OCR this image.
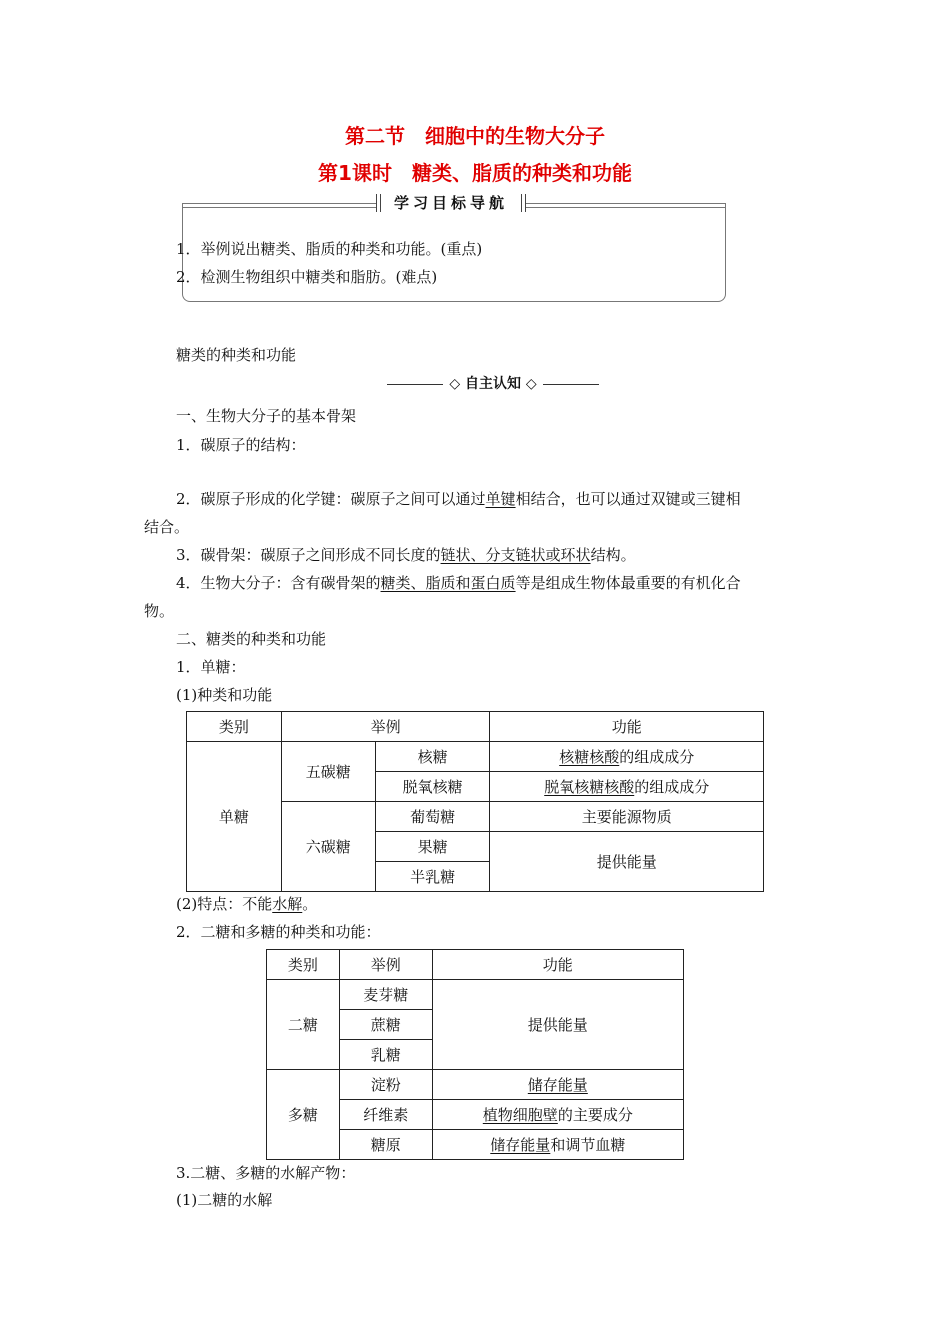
第二节　细胞中的生物大分子
第1课时　糖类、脂质的种类和功能
学习目标导航
1．举例说出糖类、脂质的种类和功能。(重点)
2．检测生物组织中糖类和脂肪。(难点)
糖类的种类和功能
◇ 自主认知 ◇
一、生物大分子的基本骨架
1．碳原子的结构：
2．碳原子形成的化学键：碳原子之间可以通过单键相结合，也可以通过双键或三键相
结合。
3．碳骨架：碳原子之间形成不同长度的链状、分支链状或环状结构。
4．生物大分子：含有碳骨架的糖类、脂质和蛋白质等是组成生物体最重要的有机化合
物。
二、糖类的种类和功能
1．单糖：
(1)种类和功能
类别	举例		功能
单糖	五碳糖	核糖	核糖核酸的组成成分
		脱氧核糖	脱氧核糖核酸的组成成分
	六碳糖	葡萄糖	主要能源物质
		果糖	提供能量
		半乳糖	
(2)特点：不能水解。
2．二糖和多糖的种类和功能：
类别	举例	功能
二糖	麦芽糖	提供能量
	蔗糖	
	乳糖	
多糖	淀粉	储存能量
	纤维素	植物细胞壁的主要成分
	糖原	储存能量和调节血糖
3.二糖、多糖的水解产物：
(1)二糖的水解
